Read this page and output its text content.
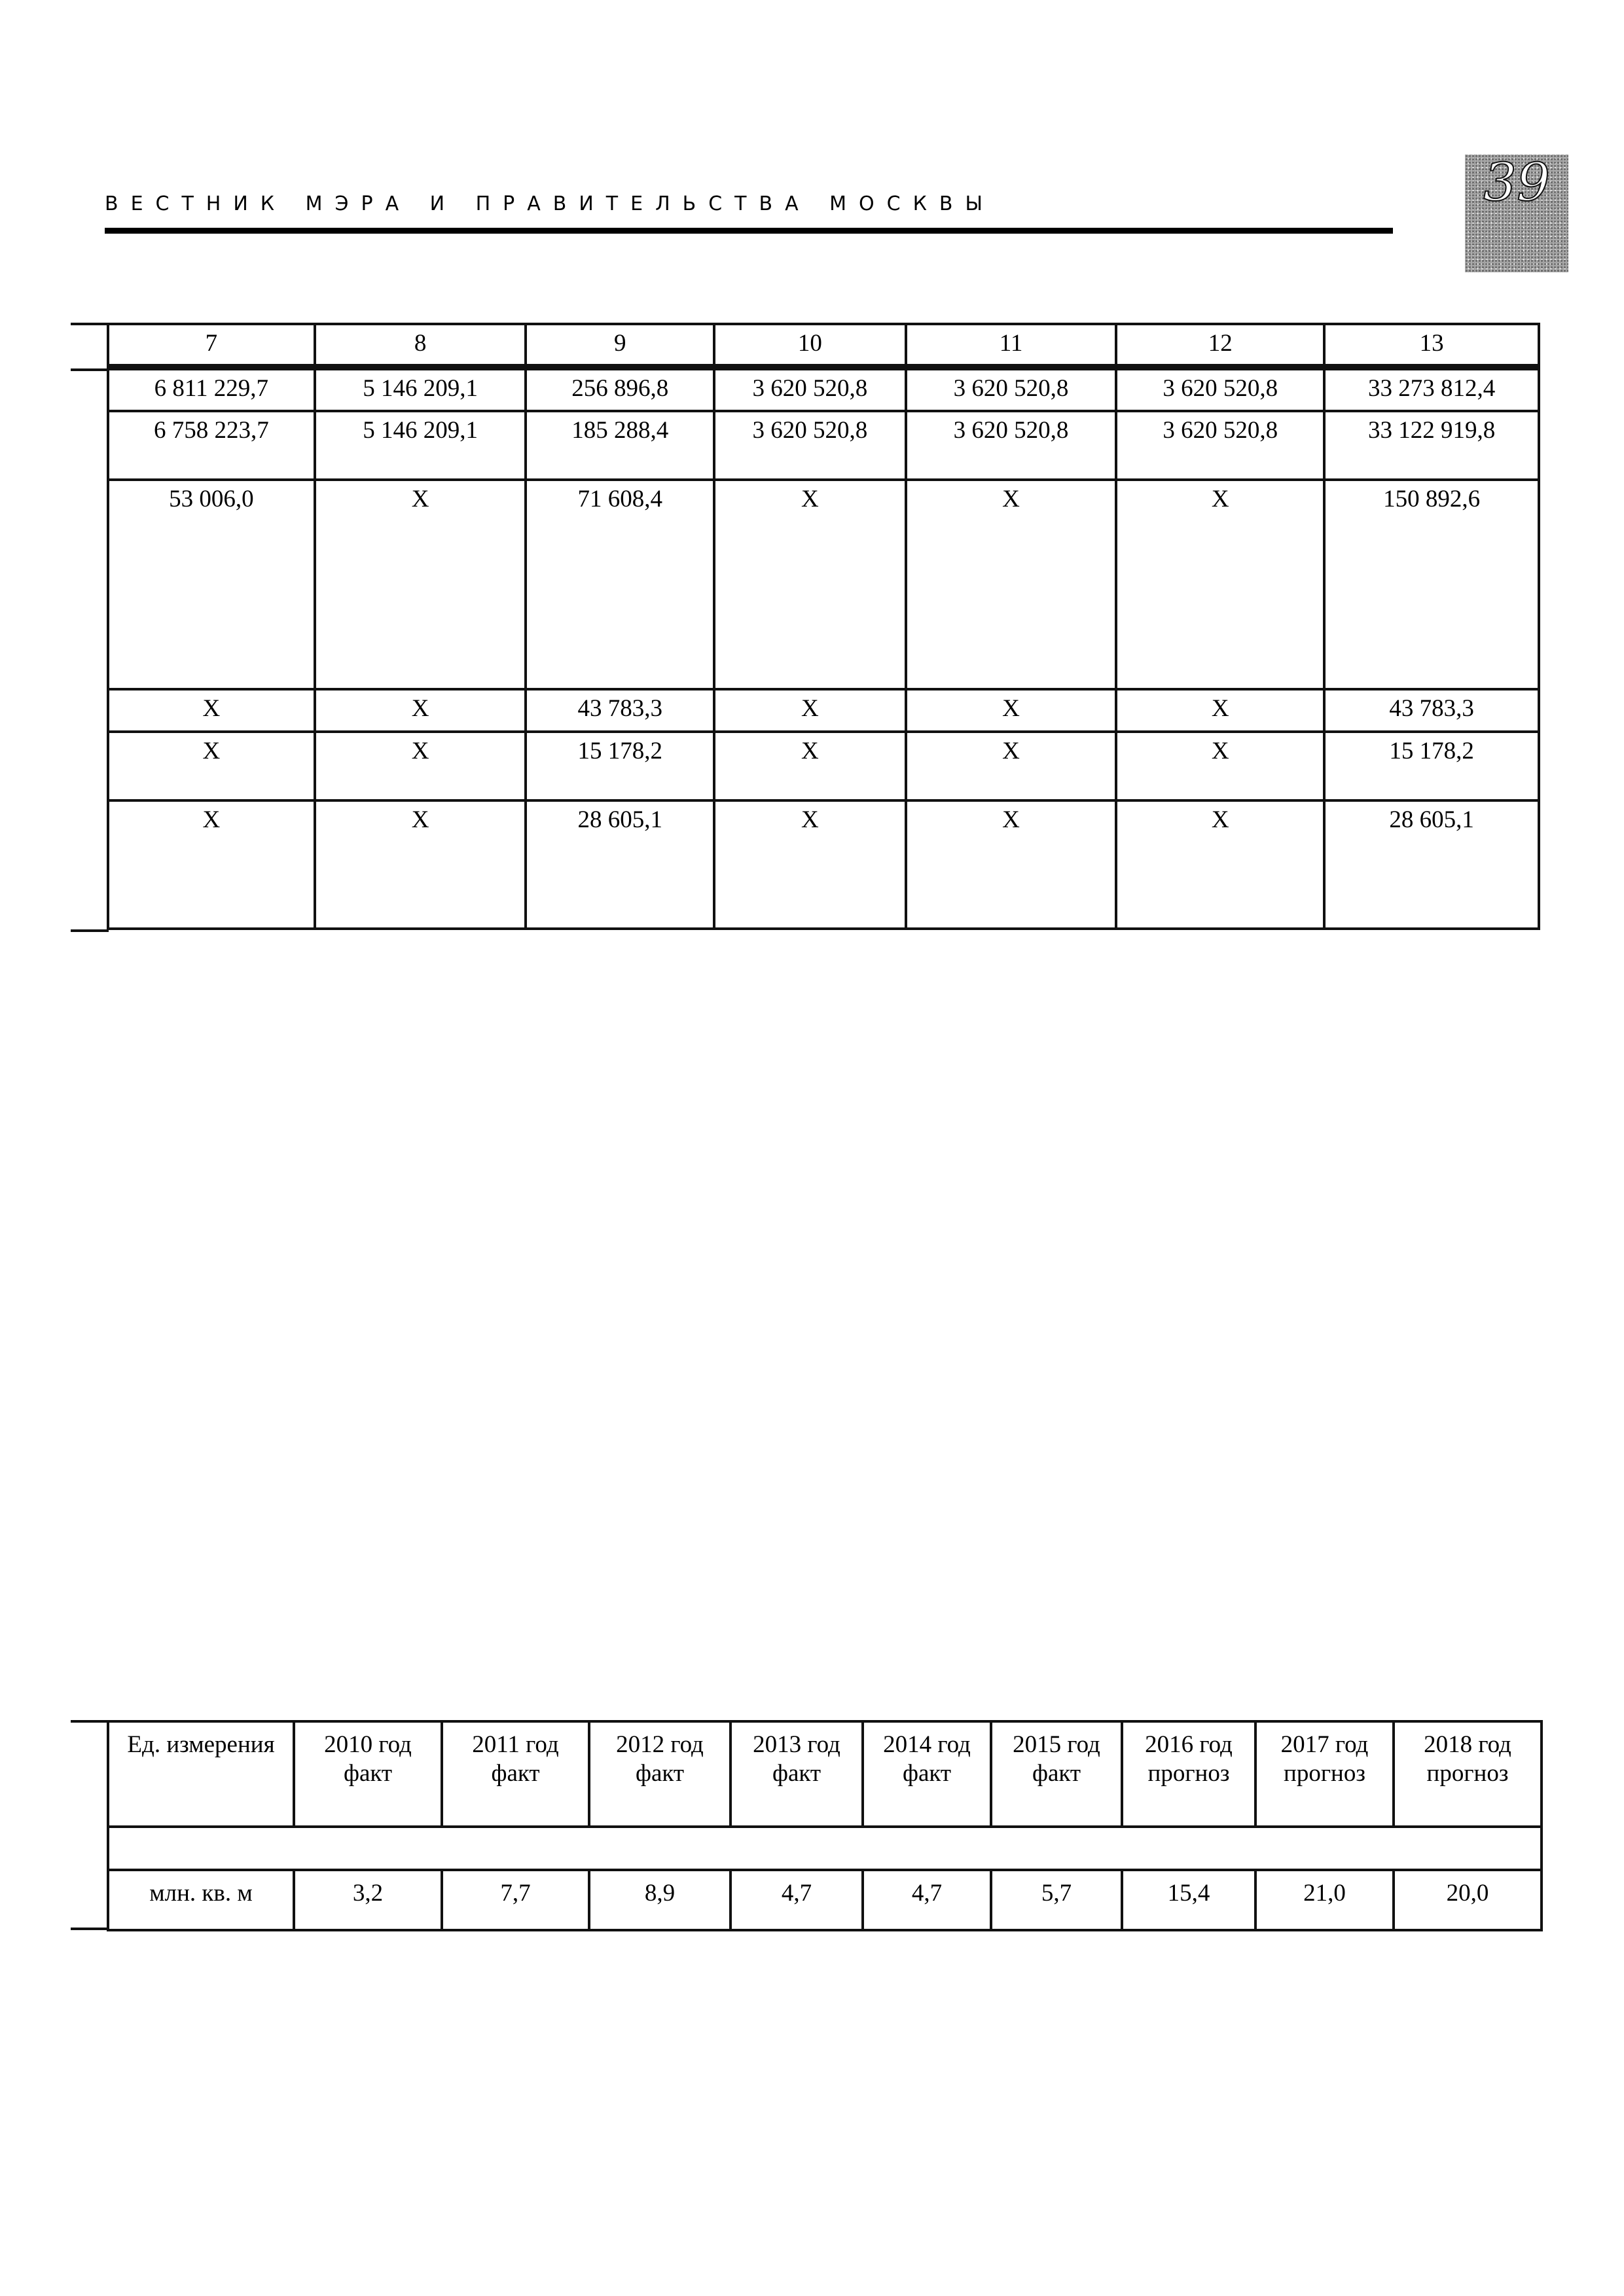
ВЕСТНИК МЭРА И ПРАВИТЕЛЬСТВА МОСКВЫ	39
7	8	9	10	11	12	13
6 811 229,7	5 146 209,1	256 896,8	3 620 520,8	3 620 520,8	3 620 520,8	33 273 812,4
6 758 223,7	5 146 209,1	185 288,4	3 620 520,8	3 620 520,8	3 620 520,8	33 122 919,8
53 006,0	X	71 608,4	X	X	X	150 892,6
X	X	43 783,3	X	X	X	43 783,3
X	X	15 178,2	X	X	X	15 178,2
X	X	28 605,1	X	X	X	28 605,1
Ед. измерения	2010 год факт	2011 год факт	2012 год факт	2013 год факт	2014 год факт	2015 год факт	2016 год прогноз	2017 год прогноз	2018 год прогноз

млн. кв. м	3,2	7,7	8,9	4,7	4,7	5,7	15,4	21,0	20,0
